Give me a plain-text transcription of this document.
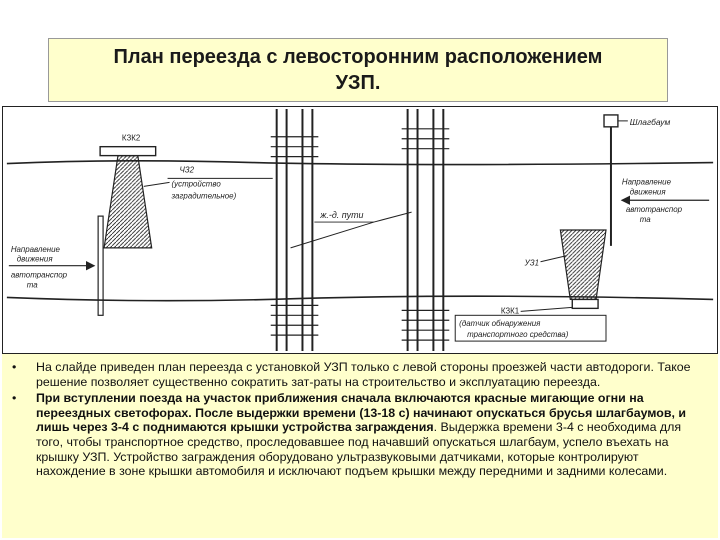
План переезда с левосторонним расположением
УЗП.
ж.-д. пути
КЗК2
ЧЗ2
(устройство
заградительное)
Направление
движения
автотранспор
та
Шлагбаум
Направление
движения
автотранспор
та
УЗ1
КЗК1
(датчик обнаружения
транспортного средства)
• На слайде приведен план переезда с установкой УЗП только с левой стороны проезжей части автодороги. Такое решение позволяет существенно сократить зат-раты на строительство и эксплуатацию переезда.
• При вступлении поезда на участок приближения сначала включаются красные мигающие огни на переездных светофорах. После выдержки времени (13-18 с) начинают опускаться брусья шлагбаумов, и лишь через 3-4 с поднимаются крышки устройства заграждения. Выдержка времени 3-4 с необходима для того, чтобы транспортное средство, проследовавшее под начавший опускаться шлагбаум, успело въехать на крышку УЗП. Устройство заграждения оборудовано ультразвуковыми датчиками, которые контролируют нахождение в зоне крышки автомобиля и исключают подъем крышки между передними и задними колесами.
